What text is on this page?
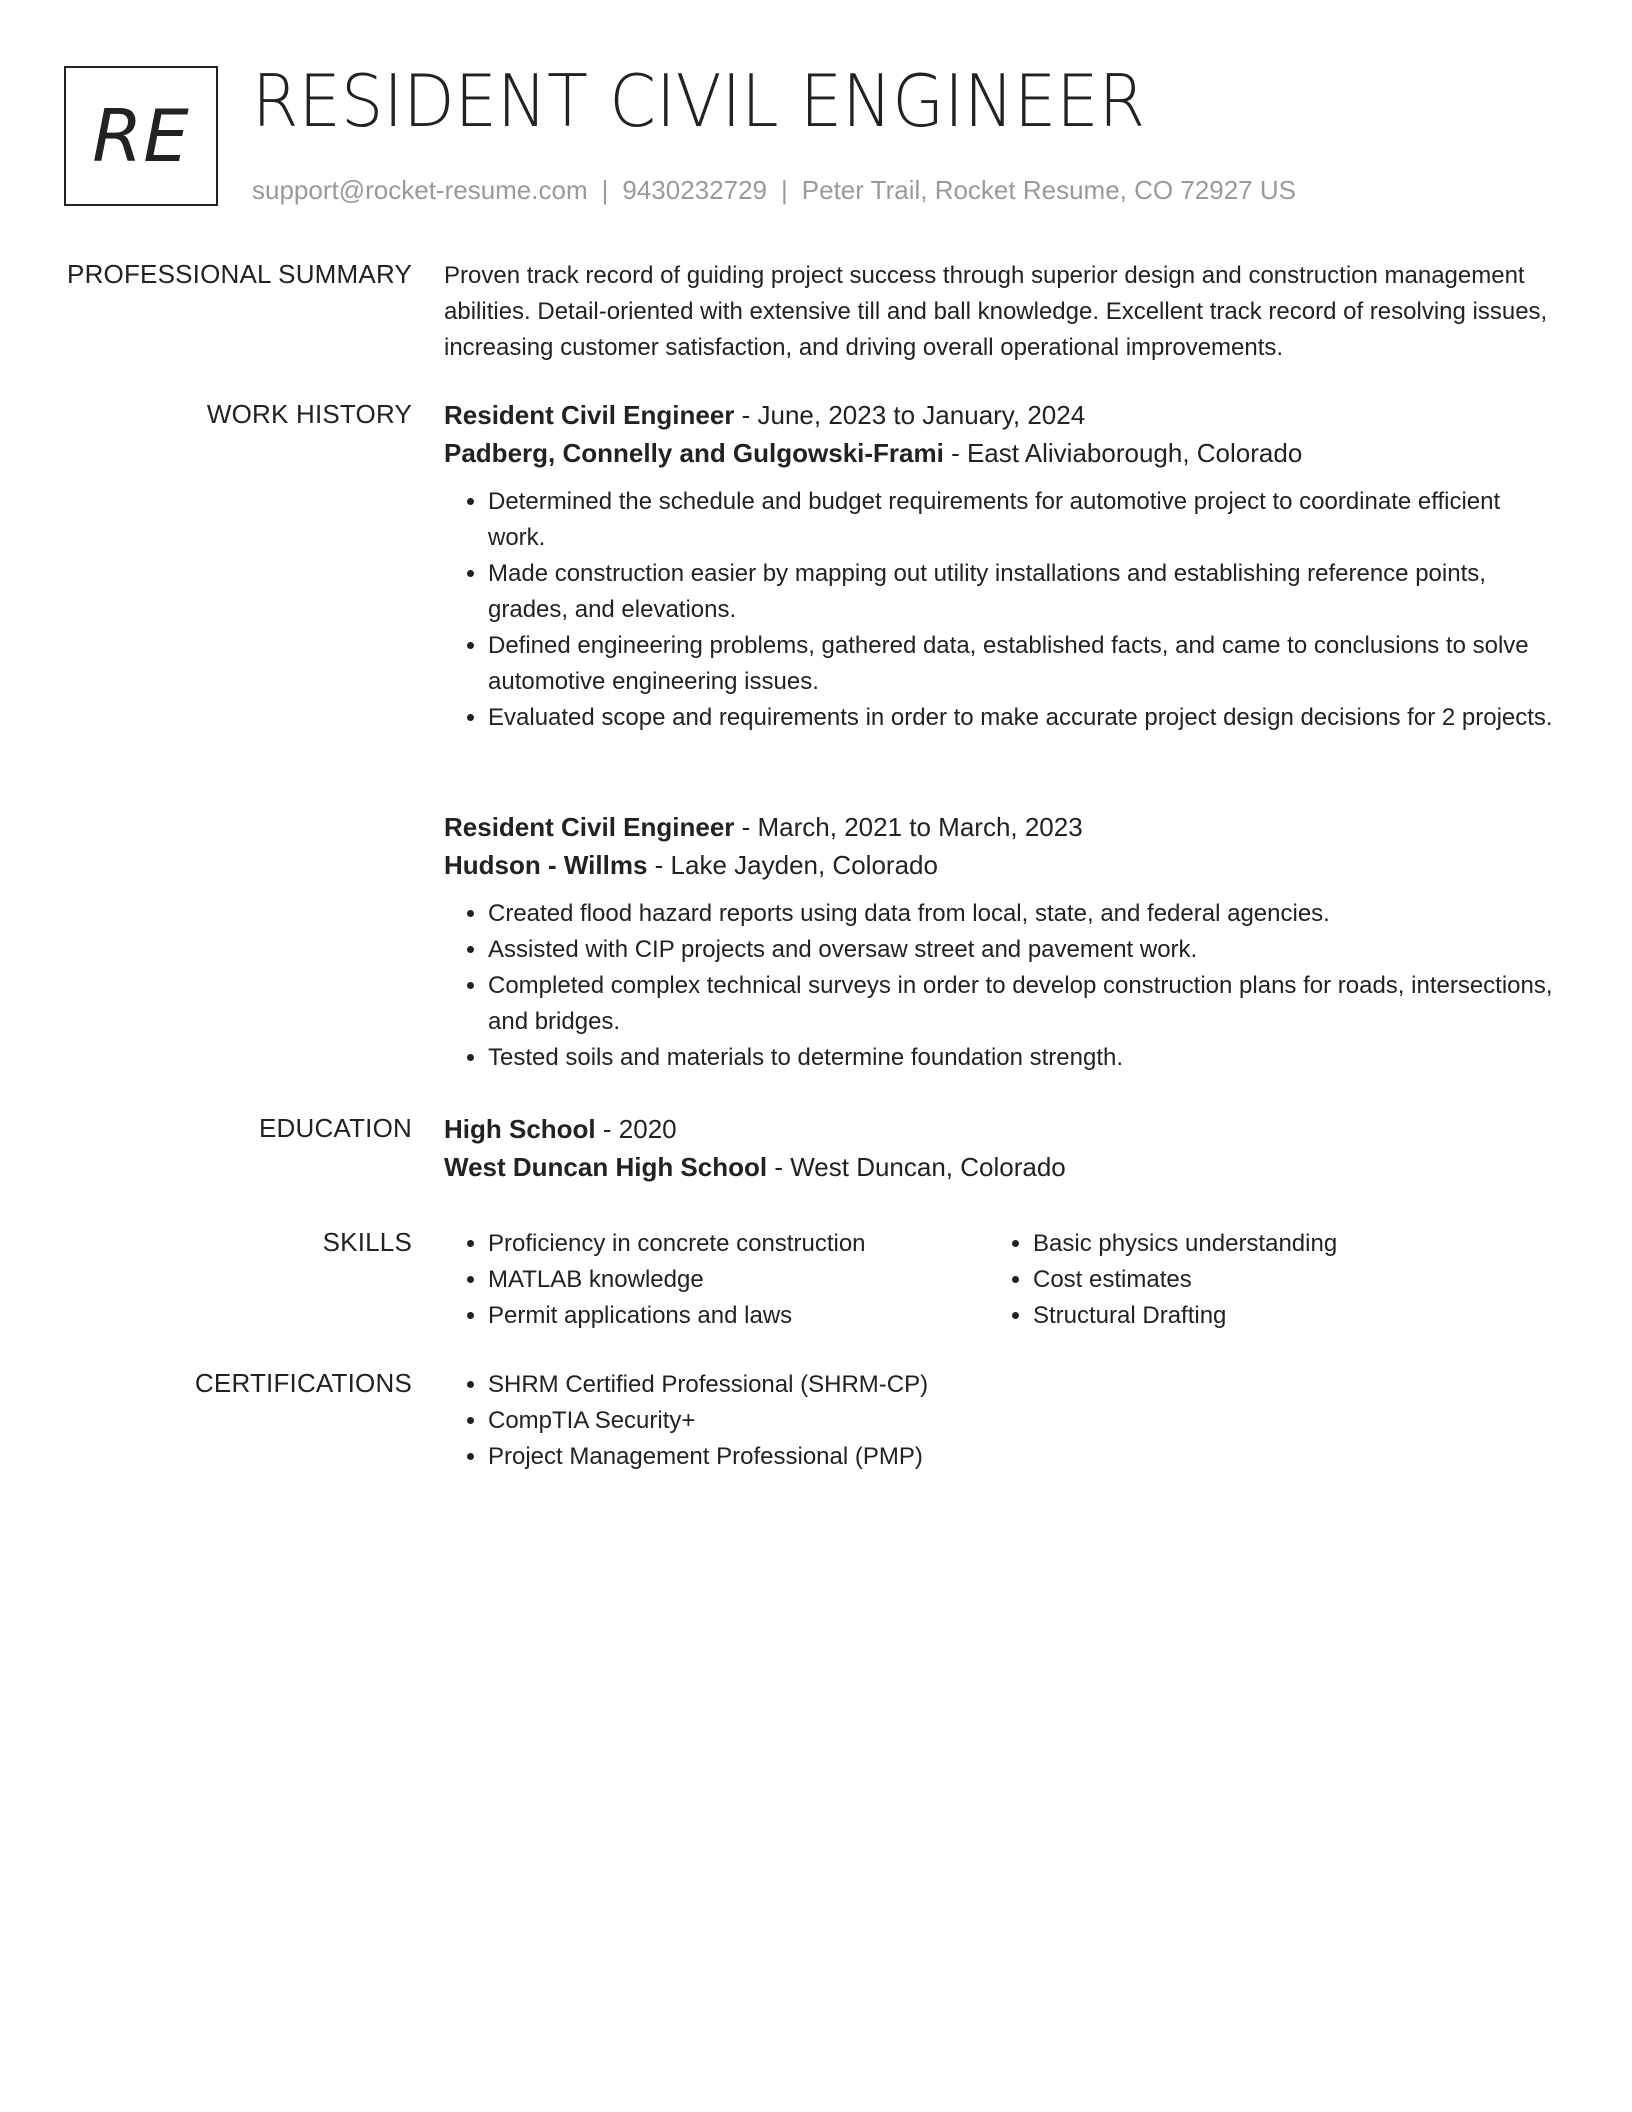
RE RESIDENT CIVIL ENGINEER
support@rocket-resume.com | 9430232729 | Peter Trail, Rocket Resume, CO 72927 US
PROFESSIONAL SUMMARY Proven track record of guiding project success through superior design and construction management abilities. Detail-oriented with extensive till and ball knowledge. Excellent track record of resolving issues, increasing customer satisfaction, and driving overall operational improvements.

WORK HISTORY Resident Civil Engineer - June, 2023 to January, 2024

Padberg, Connelly and Gulgowski-Frami - East Aliviaborough, Colorado

• Determined the schedule and budget requirements for automotive project to coordinate efficient work.
• Made construction easier by mapping out utility installations and establishing reference points, grades, and elevations.
• Defined engineering problems, gathered data, established facts, and came to conclusions to solve automotive engineering issues.
• Evaluated scope and requirements in order to make accurate project design decisions for 2 projects.

Resident Civil Engineer - March, 2021 to March, 2023

Hudson - Willms - Lake Jayden, Colorado

• Created flood hazard reports using data from local, state, and federal agencies.
• Assisted with CIP projects and oversaw street and pavement work.
• Completed complex technical surveys in order to develop construction plans for roads, intersections, and bridges.
• Tested soils and materials to determine foundation strength.
EDUCATION High School - 2020

West Duncan High School - West Duncan, Colorado

SKILLS	• Proficiency in concrete construction
• MATLAB knowledge
• Permit applications and laws
• Basic physics understanding
• Cost estimates
• Structural Drafting
CERTIFICATIONS	• SHRM Certified Professional (SHRM-CP)
• CompTIA Security+
• Project Management Professional (PMP)
